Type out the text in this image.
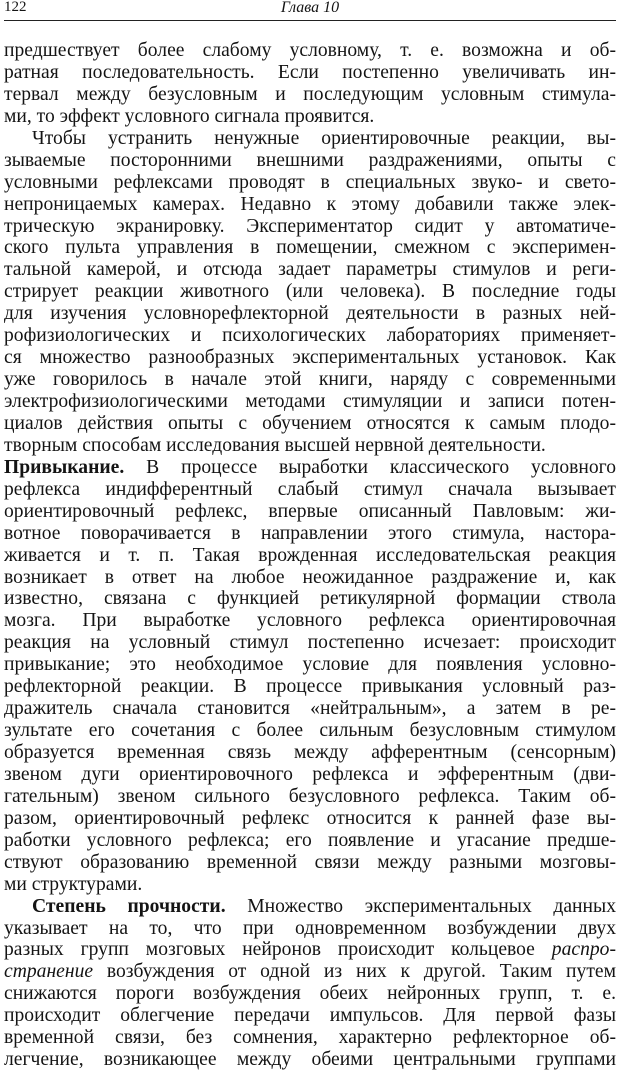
122	Глава 10
предшествует более слабому условному, т. е. возможна и об-
ратная последовательность. Если постепенно увеличивать ин-
тервал между безусловным и последующим условным стимула-
ми, то эффект условного сигнала проявится.
Чтобы устранить ненужные ориентировочные реакции, вы-
зываемые посторонними внешними раздражениями, опыты с
условными рефлексами проводят в специальных звуко- и свето-
непроницаемых камерах. Недавно к этому добавили также элек-
трическую экранировку. Экспериментатор сидит у автоматиче-
ского пульта управления в помещении, смежном с эксперимен-
тальной камерой, и отсюда задает параметры стимулов и реги-
стрирует реакции животного (или человека). В последние годы
для изучения условнорефлекторной деятельности в разных ней-
рофизиологических и психологических лабораториях применяет-
ся множество разнообразных экспериментальных установок. Как
уже говорилось в начале этой книги, наряду с современными
электрофизиологическими методами стимуляции и записи потен-
циалов действия опыты с обучением относятся к самым плодо-
творным способам исследования высшей нервной деятельности.
Привыкание. В процессе выработки классического условного
рефлекса индифферентный слабый стимул сначала вызывает
ориентировочный рефлекс, впервые описанный Павловым: жи-
вотное поворачивается в направлении этого стимула, насторa-
живается и т. п. Такая врожденная исследовательская реакция
возникает в ответ на любое неожиданное раздражение и, как
известно, связана с функцией ретикулярной формации ствола
мозга. При выработке условного рефлекса ориентировочная
реакция на условный стимул постепенно исчезает: происходит
привыкание; это необходимое условие для появления условно-
рефлекторной реакции. В процессе привыкания условный раз-
дражитель сначала становится «нейтральным», а затем в ре-
зультате его сочетания с более сильным безусловным стимулом
образуется временная связь между афферентным (сенсорным)
звеном дуги ориентировочного рефлекса и эфферентным (дви-
гательным) звеном сильного безусловного рефлекса. Таким об-
разом, ориентировочный рефлекс относится к ранней фазе вы-
работки условного рефлекса; его появление и угасание предше-
ствуют образованию временной связи между разными мозговы-
ми структурами.
Степень прочности. Множество экспериментальных данных
указывает на то, что при одновременном возбуждении двух
разных групп мозговых нейронов происходит кольцевое распро-
странение возбуждения от одной из них к другой. Таким путем
снижаются пороги возбуждения обеих нейронных групп, т. е.
происходит облегчение передачи импульсов. Для первой фазы
временной связи, без сомнения, характерно рефлекторное об-
легчение, возникающее между обеими центральными группами
